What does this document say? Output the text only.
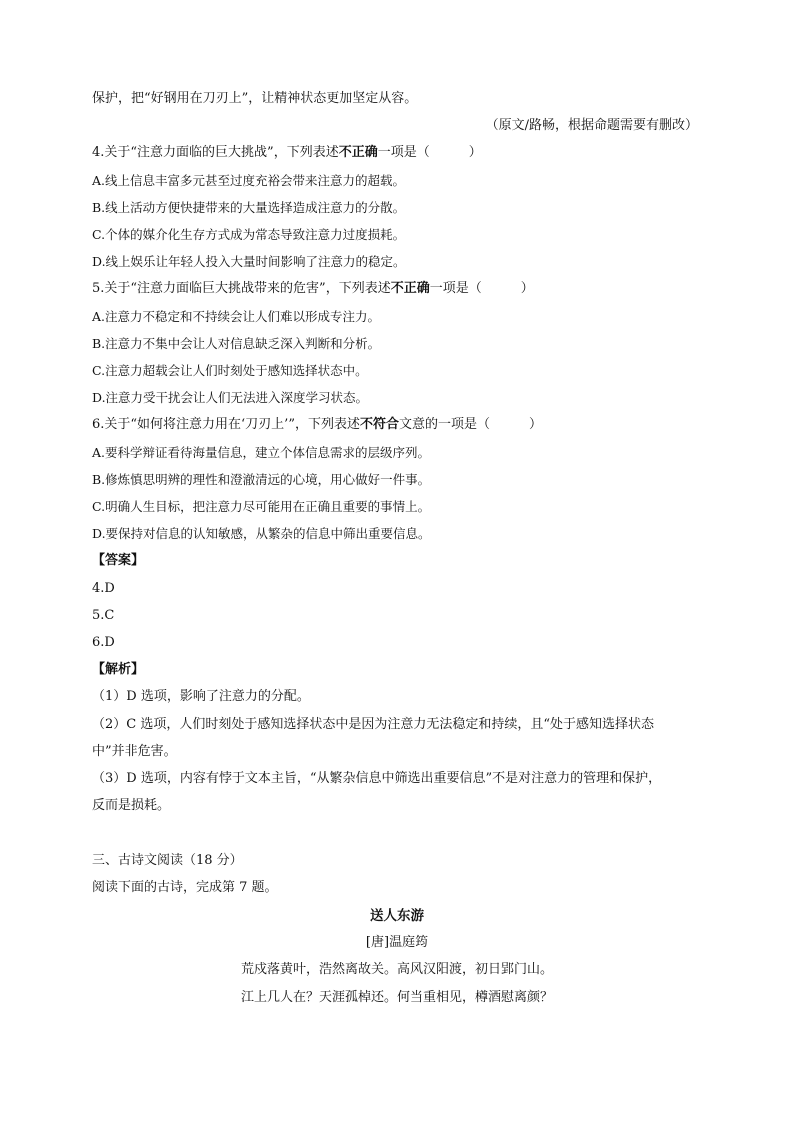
保护，把“好钢用在刀刃上”，让精神状态更加坚定从容。
（原文/路畅，根据命题需要有删改）
4.关于“注意力面临的巨大挑战”，下列表述不正确一项是（　　　）
A.线上信息丰富多元甚至过度充裕会带来注意力的超载。
B.线上活动方便快捷带来的大量选择造成注意力的分散。
C.个体的媒介化生存方式成为常态导致注意力过度损耗。
D.线上娱乐让年轻人投入大量时间影响了注意力的稳定。
5.关于“注意力面临巨大挑战带来的危害”，下列表述不正确一项是（　　　）
A.注意力不稳定和不持续会让人们难以形成专注力。
B.注意力不集中会让人对信息缺乏深入判断和分析。
C.注意力超载会让人们时刻处于感知选择状态中。
D.注意力受干扰会让人们无法进入深度学习状态。
6.关于“如何将注意力用在‘刀刃上’”，下列表述不符合文意的一项是（　　　）
A.要科学辩证看待海量信息，建立个体信息需求的层级序列。
B.修炼慎思明辨的理性和澄澈清远的心境，用心做好一件事。
C.明确人生目标，把注意力尽可能用在正确且重要的事情上。
D.要保持对信息的认知敏感，从繁杂的信息中筛出重要信息。
【答案】
4.D
5.C
6.D
【解析】
（1）D 选项，影响了注意力的分配。
（2）C 选项，人们时刻处于感知选择状态中是因为注意力无法稳定和持续，且“处于感知选择状态
中”并非危害。
（3）D 选项，内容有悖于文本主旨，“从繁杂信息中筛选出重要信息”不是对注意力的管理和保护，
反而是损耗。
三、古诗文阅读（18 分）
阅读下面的古诗，完成第 7 题。
送人东游
[唐]温庭筠
荒戍落黄叶，浩然离故关。高风汉阳渡，初日郢门山。
江上几人在？天涯孤棹还。何当重相见，樽酒慰离颜？
